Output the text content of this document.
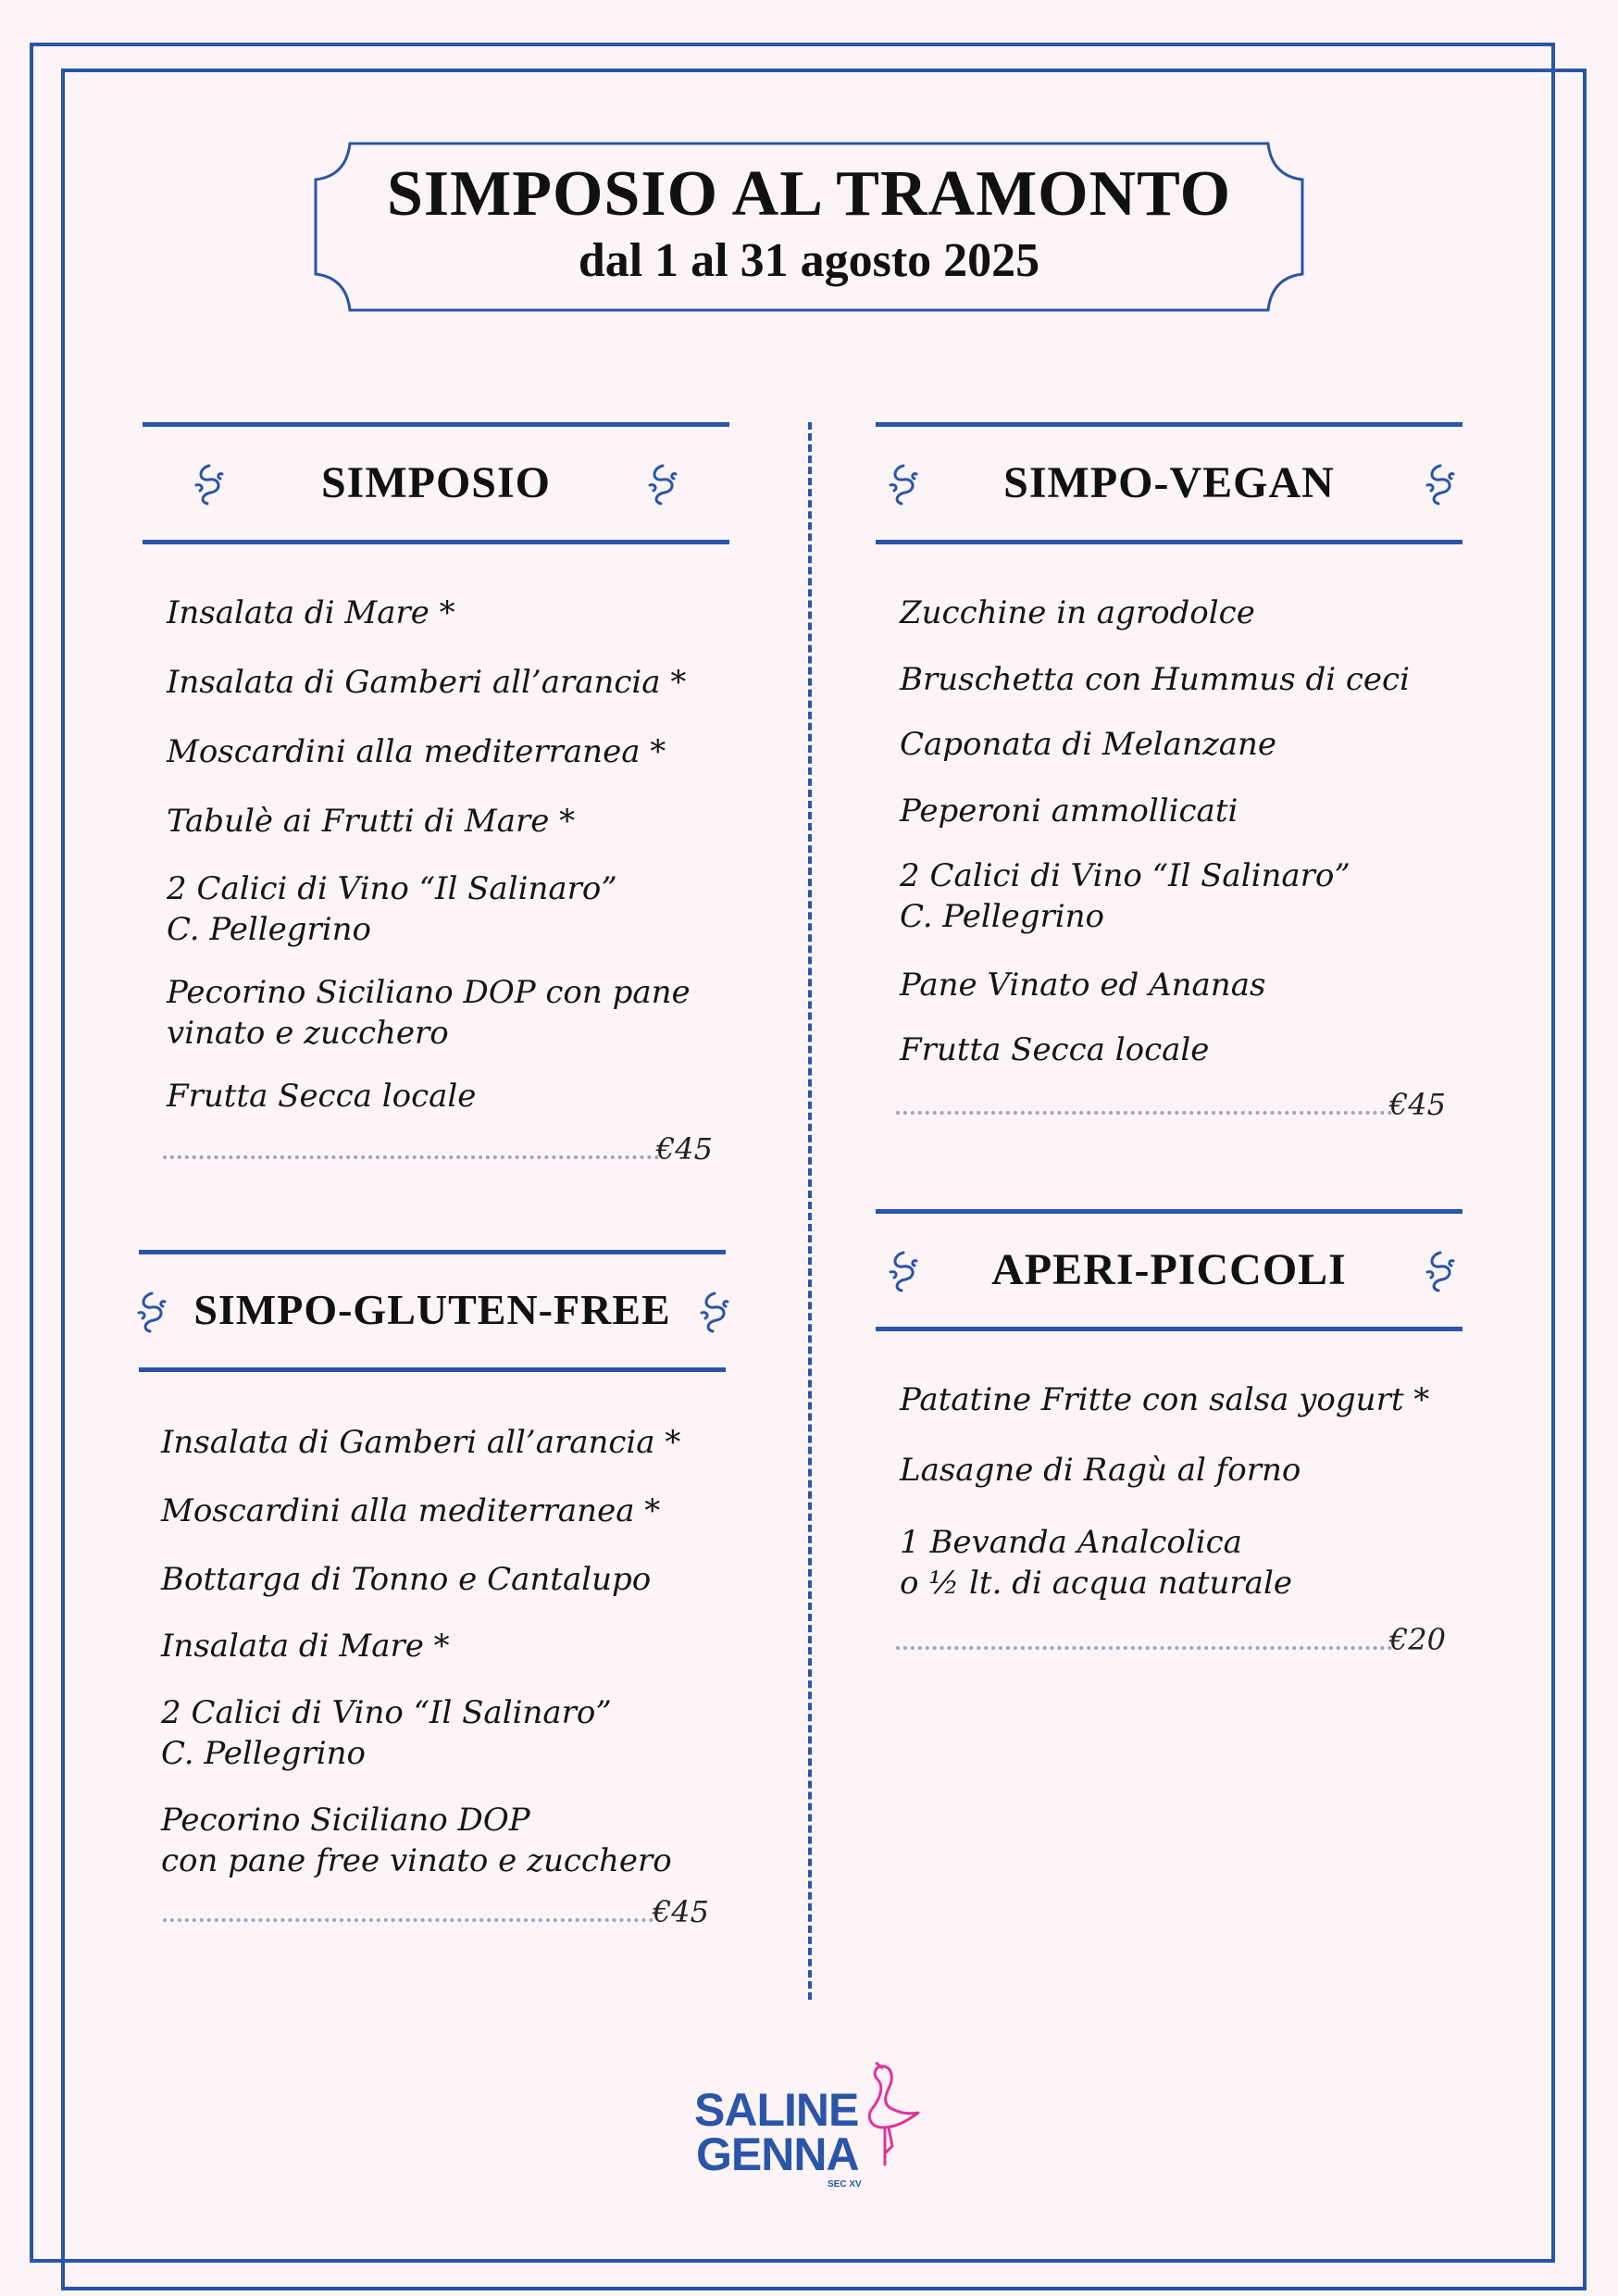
SIMPOSIO AL TRAMONTO
dal 1 al 31 agosto 2025
SIMPOSIO
Insalata di Mare *
Insalata di Gamberi all’arancia *
Moscardini alla mediterranea *
Tabulè ai Frutti di Mare *
2 Calici di Vino “Il Salinaro”
C. Pellegrino
Pecorino Siciliano DOP con pane
vinato e zucchero
Frutta Secca locale
€45
SIMPO-GLUTEN-FREE
Insalata di Gamberi all’arancia *
Moscardini alla mediterranea *
Bottarga di Tonno e Cantalupo
Insalata di Mare *
2 Calici di Vino “Il Salinaro”
C. Pellegrino
Pecorino Siciliano DOP
con pane free vinato e zucchero
€45
SIMPO-VEGAN
Zucchine in agrodolce
Bruschetta con Hummus di ceci
Caponata di Melanzane
Peperoni ammollicati
2 Calici di Vino “Il Salinaro”
C. Pellegrino
Pane Vinato ed Ananas
Frutta Secca locale
€45
APERI-PICCOLI
Patatine Fritte con salsa yogurt *
Lasagne di Ragù al forno
1 Bevanda Analcolica
o ½ lt. di acqua naturale
€20
SALINE
GENNA
SEC XV
